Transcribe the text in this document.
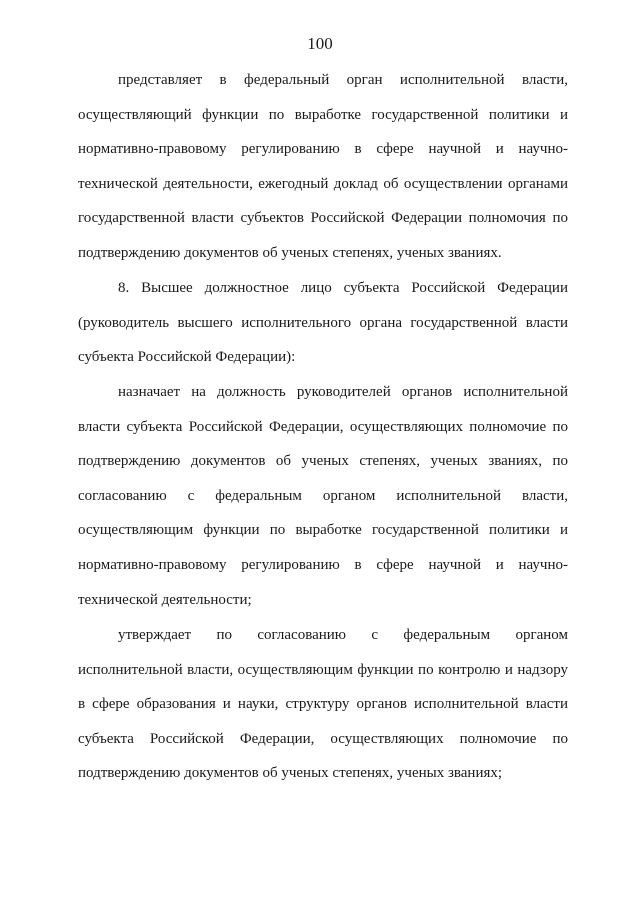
100

представляет в федеральный орган исполнительной власти, осуществляющий функции по выработке государственной политики и нормативно-правовому регулированию в сфере научной и научно-технической деятельности, ежегодный доклад об осуществлении органами государственной власти субъектов Российской Федерации полномочия по подтверждению документов об ученых степенях, ученых званиях.

8. Высшее должностное лицо субъекта Российской Федерации (руководитель высшего исполнительного органа государственной власти субъекта Российской Федерации):

назначает на должность руководителей органов исполнительной власти субъекта Российской Федерации, осуществляющих полномочие по подтверждению документов об ученых степенях, ученых званиях, по согласованию с федеральным органом исполнительной власти, осуществляющим функции по выработке государственной политики и нормативно-правовому регулированию в сфере научной и научно-технической деятельности;

утверждает по согласованию с федеральным органом исполнительной власти, осуществляющим функции по контролю и надзору в сфере образования и науки, структуру органов исполнительной власти субъекта Российской Федерации, осуществляющих полномочие по подтверждению документов об ученых степенях, ученых званиях;
